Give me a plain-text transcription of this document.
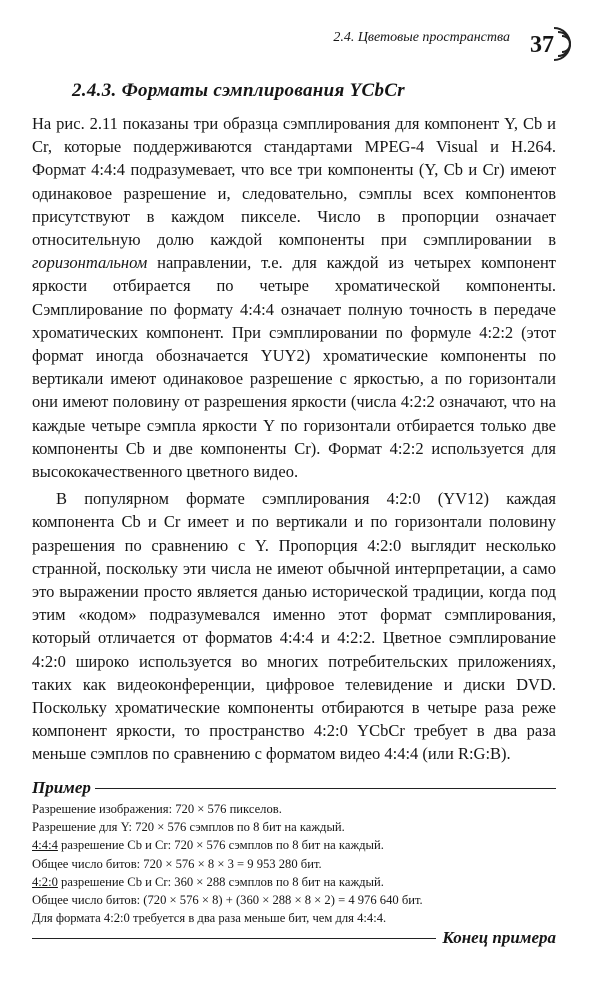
2.4. Цветовые пространства 37
2.4.3. Форматы сэмплирования YCbCr

На рис. 2.11 показаны три образца сэмплирования для компонент Y, Cb и Cr, которые поддерживаются стандартами MPEG-4 Visual и H.264. Формат 4:4:4 подразумевает, что все три компоненты (Y, Cb и Cr) имеют одинаковое разрешение и, следовательно, сэмплы всех компонентов присутствуют в каждом пикселе. Число в пропорции означает относительную долю каждой компоненты при сэмплировании в горизонтальном направлении, т.е. для каждой из четырех компонент яркости отбирается по четыре хроматической компоненты. Сэмплирование по формату 4:4:4 означает полную точность в передаче хроматических компонент. При сэмплировании по формуле 4:2:2 (этот формат иногда обозначается YUY2) хроматические компоненты по вертикали имеют одинаковое разрешение с яркостью, а по горизонтали они имеют половину от разрешения яркости (числа 4:2:2 означают, что на каждые четыре сэмпла яркости Y по горизонтали отбирается только две компоненты Cb и две компоненты Cr). Формат 4:2:2 используется для высококачественного цветного видео.

В популярном формате сэмплирования 4:2:0 (YV12) каждая компонента Cb и Cr имеет и по вертикали и по горизонтали половину разрешения по сравнению с Y. Пропорция 4:2:0 выглядит несколько странной, поскольку эти числа не имеют обычной интерпретации, а само это выражении просто является данью исторической традиции, когда под этим «кодом» подразумевался именно этот формат сэмплирования, который отличается от форматов 4:4:4 и 4:2:2. Цветное сэмплирование 4:2:0 широко используется во многих потребительских приложениях, таких как видеоконференции, цифровое телевидение и диски DVD. Поскольку хроматические компоненты отбираются в четыре раза реже компонент яркости, то пространство 4:2:0 YCbCr требует в два раза меньше сэмплов по сравнению с форматом видео 4:4:4 (или R:G:B).

Пример
Разрешение изображения: 720 × 576 пикселов.
Разрешение для Y: 720 × 576 сэмплов по 8 бит на каждый.
4:4:4 разрешение Cb и Cr: 720 × 576 сэмплов по 8 бит на каждый.
Общее число битов: 720 × 576 × 8 × 3 = 9 953 280 бит.
4:2:0 разрешение Cb и Cr: 360 × 288 сэмплов по 8 бит на каждый.
Общее число битов: (720 × 576 × 8) + (360 × 288 × 8 × 2) = 4 976 640 бит.
Для формата 4:2:0 требуется в два раза меньше бит, чем для 4:4:4.
Конец примера
